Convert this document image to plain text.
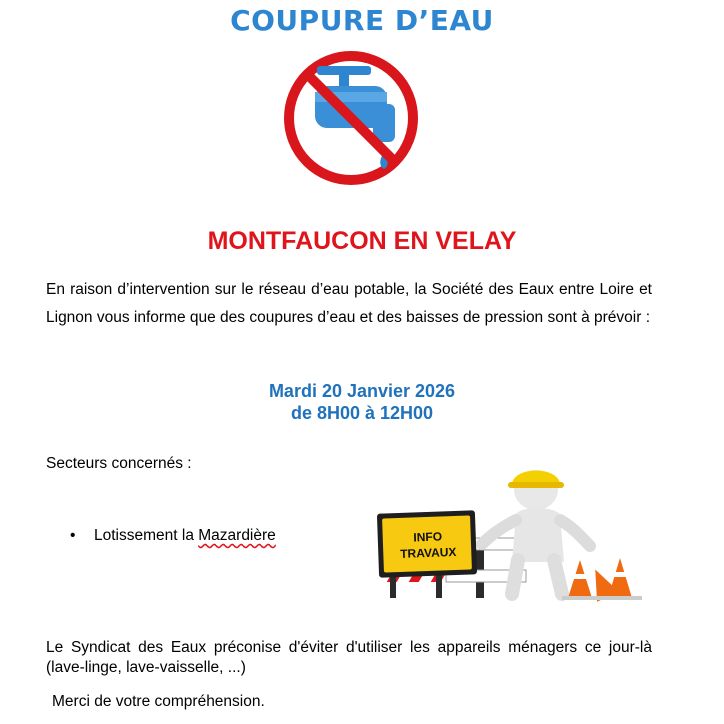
COUPURE D’EAU
MONTFAUCON EN VELAY
En raison d’intervention sur le réseau d’eau potable, la Société des Eaux entre Loire et Lignon vous informe que des coupures d’eau et des baisses de pression sont à prévoir :
Mardi 20 Janvier 2026
de 8H00 à 12H00
Secteurs concernés :
• Lotissement la Mazardière	INFO
TRAVAUX
Le Syndicat des Eaux préconise d'éviter d'utiliser les appareils ménagers ce jour-là (lave-linge, lave-vaisselle, ...)
Merci de votre compréhension.
